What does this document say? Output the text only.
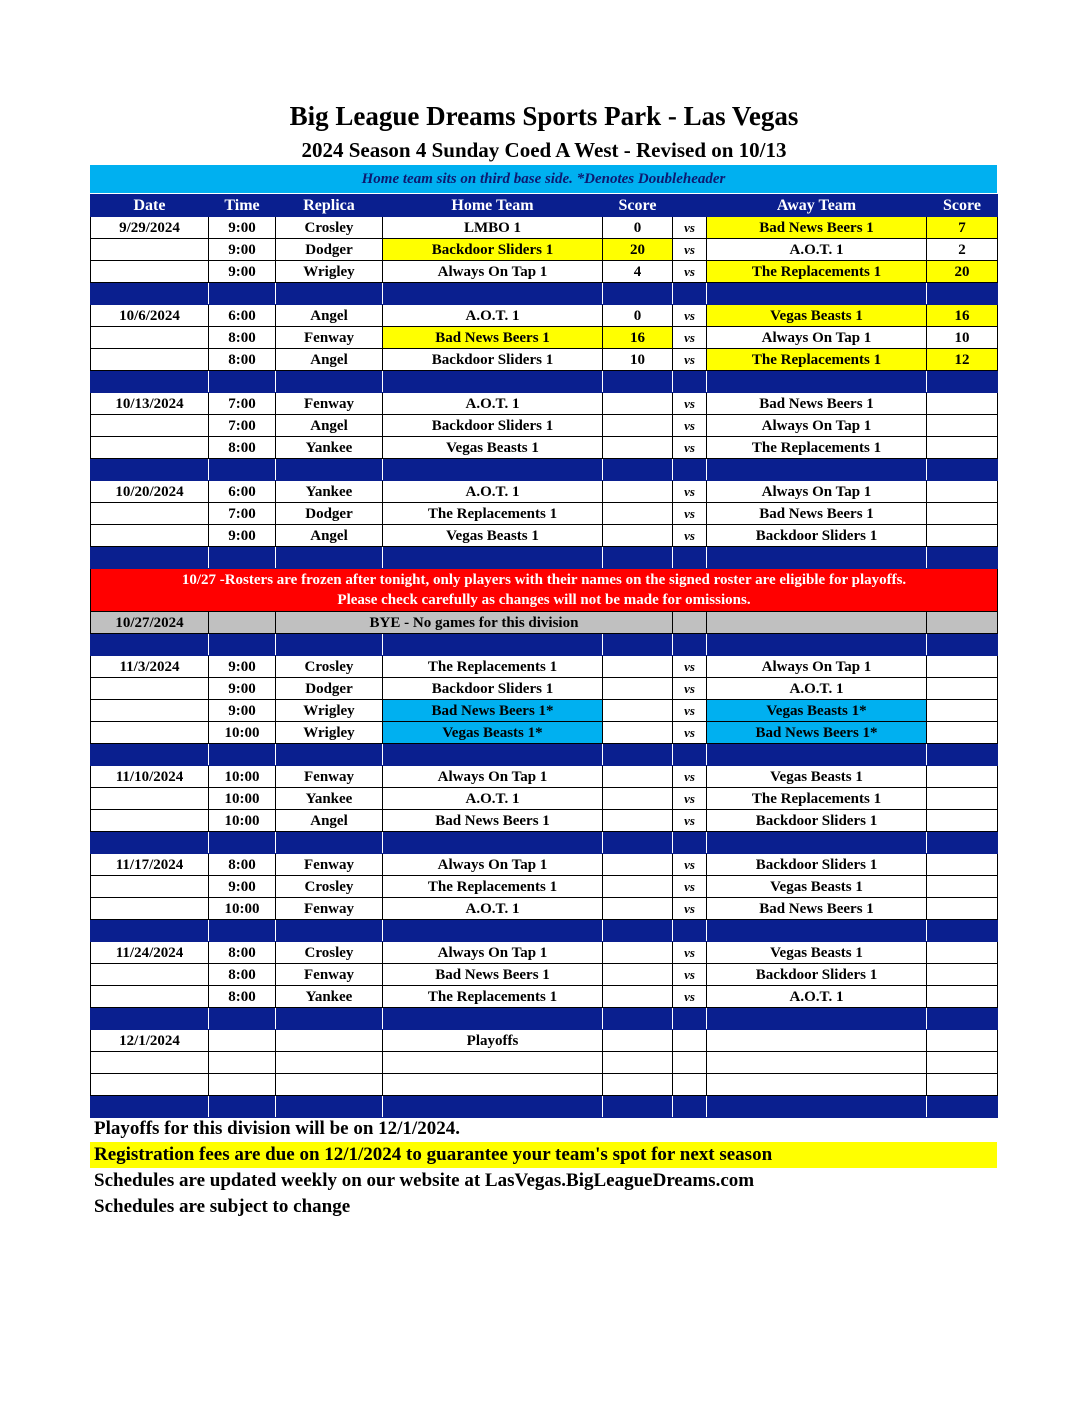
Big League Dreams Sports Park - Las Vegas
2024 Season 4 Sunday Coed A West - Revised on 10/13
Home team sits on third base side. *Denotes Doubleheader
Date	Time	Replica	Home Team	Score		Away Team	Score
9/29/2024	9:00	Crosley	LMBO 1	0	vs	Bad News Beers 1	7
	9:00	Dodger	Backdoor Sliders 1	20	vs	A.O.T. 1	2
	9:00	Wrigley	Always On Tap 1	4	vs	The Replacements 1	20

10/6/2024	6:00	Angel	A.O.T. 1	0	vs	Vegas Beasts 1	16
	8:00	Fenway	Bad News Beers 1	16	vs	Always On Tap 1	10
	8:00	Angel	Backdoor Sliders 1	10	vs	The Replacements 1	12

10/13/2024	7:00	Fenway	A.O.T. 1		vs	Bad News Beers 1	
	7:00	Angel	Backdoor Sliders 1		vs	Always On Tap 1	
	8:00	Yankee	Vegas Beasts 1		vs	The Replacements 1	

10/20/2024	6:00	Yankee	A.O.T. 1		vs	Always On Tap 1	
	7:00	Dodger	The Replacements 1		vs	Bad News Beers 1	
	9:00	Angel	Vegas Beasts 1		vs	Backdoor Sliders 1	

10/27 -Rosters are frozen after tonight, only players with their names on the signed roster are eligible for playoffs.
Please check carefully as changes will not be made for omissions.							

10/27/2024		BYE - No games for this division					

11/3/2024	9:00	Crosley	The Replacements 1		vs	Always On Tap 1	
	9:00	Dodger	Backdoor Sliders 1		vs	A.O.T. 1	
	9:00	Wrigley	Bad News Beers 1*		vs	Vegas Beasts 1*	
	10:00	Wrigley	Vegas Beasts 1*		vs	Bad News Beers 1*	

11/10/2024	10:00	Fenway	Always On Tap 1		vs	Vegas Beasts 1	
	10:00	Yankee	A.O.T. 1		vs	The Replacements 1	
	10:00	Angel	Bad News Beers 1		vs	Backdoor Sliders 1	

11/17/2024	8:00	Fenway	Always On Tap 1		vs	Backdoor Sliders 1	
	9:00	Crosley	The Replacements 1		vs	Vegas Beasts 1	
	10:00	Fenway	A.O.T. 1		vs	Bad News Beers 1	

11/24/2024	8:00	Crosley	Always On Tap 1		vs	Vegas Beasts 1	
	8:00	Fenway	Bad News Beers 1		vs	Backdoor Sliders 1	
	8:00	Yankee	The Replacements 1		vs	A.O.T. 1	

12/1/2024			Playoffs				

Playoffs for this division will be on 12/1/2024.
Registration fees are due on 12/1/2024 to guarantee your team's spot for next season
Schedules are updated weekly on our website at LasVegas.BigLeagueDreams.com
Schedules are subject to change
